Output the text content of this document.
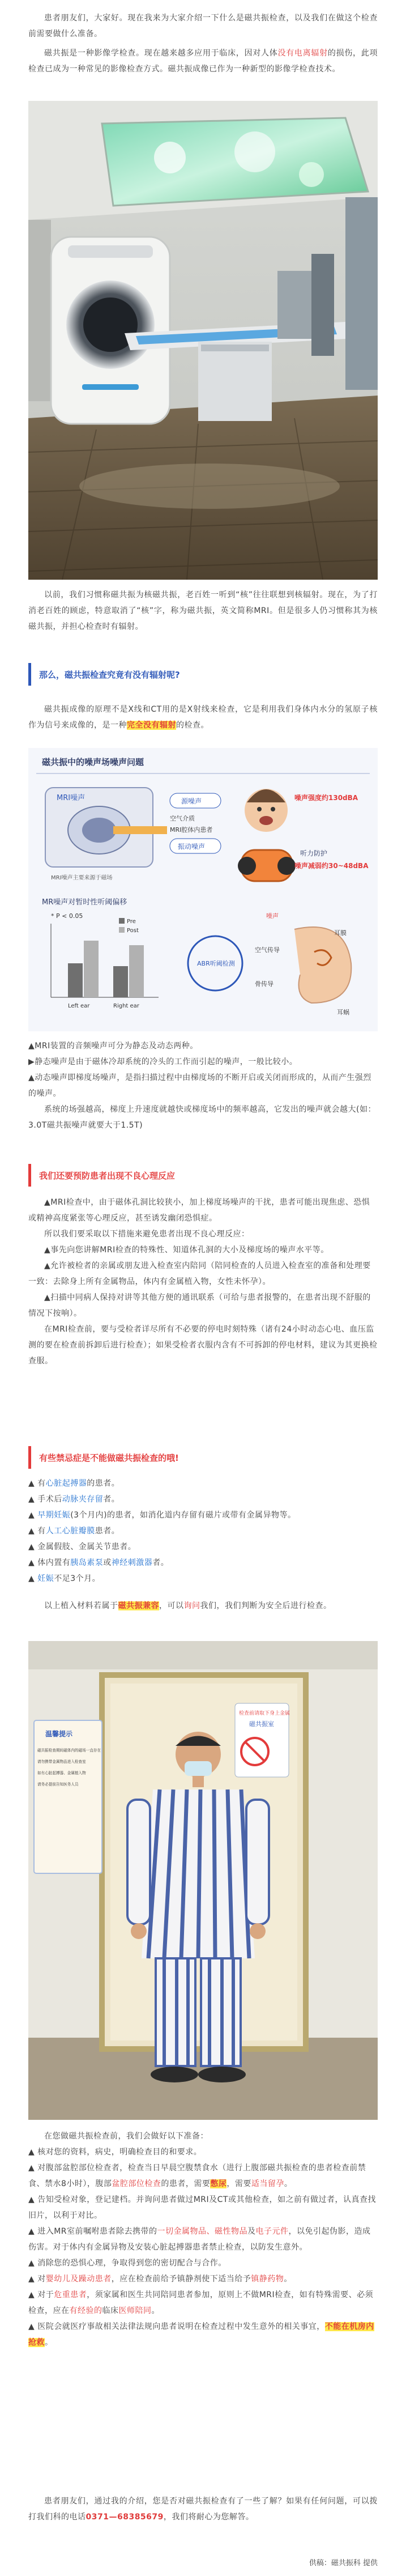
患者朋友们，大家好。现在我来为大家介绍一下什么是磁共振检查，以及我们在做这个检查前需要做什么准备。

磁共振是一种影像学检查。现在越来越多应用于临床，因对人体没有电离辐射的损伤，此项检查已成为一种常见的影像检查方式。磁共振成像已作为一种新型的影像学检查技术。

以前，我们习惯称磁共振为核磁共振，老百姓一听到“核”往往联想到核辐射。现在，为了打消老百姓的顾虑，特意取消了“核”字，称为磁共振，英文简称MRI。但是很多人仍习惯称其为核磁共振，并担心检查时有辐射。

那么，磁共振检查究竟有没有辐射呢?

磁共振成像的原理不是X线和CT用的是X射线来检查，它是利用我们身体内水分的氢原子核作为信号来成像的，是一种完全没有辐射的检查。

磁共振中的噪声场噪声问题
MRI噪声
MRI噪声主要来源于磁场
源噪声
空气介质
MRI腔体内患者
振动噪声
噪声强度约130dBA
听力防护
噪声减弱约30~48dBA
MR噪声对暂时性听阈偏移
* P < 0.05
Left ear	Right ear
Pre
Post
ABR听阈检测
空气传导
骨传导
耳膜
耳蜗
噪声

▲MRI装置的音频噪声可分为静态及动态两种。

▶静态噪声是由于磁体冷却系统的冷头的工作而引起的噪声，一般比较小。

▲动态噪声即梯度场噪声，是指扫描过程中由梯度场的不断开启或关闭而形成的，从而产生强烈的噪声。

系统的场强越高，梯度上升速度就越快或梯度场中的频率越高，它发出的噪声就会越大(如：3.0T磁共振噪声就要大于1.5T)

我们还要预防患者出现不良心理反应

▲MRI检查中，由于磁体孔洞比较狭小，加上梯度场噪声的干扰，患者可能出现焦虑、恐惧或精神高度紧张等心理反应，甚至诱发幽闭恐惧症。

所以我们要采取以下措施来避免患者出现不良心理反应：

▲事先向您讲解MRI检查的特殊性、知道体孔洞的大小及梯度场的噪声水平等。

▲允许被检者的亲属或朋友进入检查室内陪同（陪同检查的人员进入检查室的准备和处理要一致：去除身上所有金属物品，体内有金属植入物，女性未怀孕）。

▲扫描中同病人保持对讲等其他方便的通讯联系（可给与患者报警的，在患者出现不舒服的情况下按响）。

在MRI检查前，要与受检者详尽所有不必要的停电时刻特殊（诸有24小时动态心电、血压监测的要在检查前拆卸后进行检查）；如果受检者衣服内含有不可拆卸的停电材料，建议为其更换检查服。

有些禁忌症是不能做磁共振检查的哦!

▲ 有心脏起搏器的患者。

▲ 手术后动脉夹存留者。

▲ 早期妊娠(3个月内)的患者，如消化道内存留有磁片或带有金属异物等。

▲ 有人工心脏瓣膜患者。

▲ 金属假肢、金属关节患者。

▲ 体内置有胰岛素泵或神经刺激器者。

▲ 妊娠不足3个月。

以上植入材料若属于磁共振兼容，可以询问我们，我们判断为安全后进行检查。

检查前请取下身上金属
磁共振室
温馨提示
磁共振检查期间磁体内的磁场一直存在
请勿携带金属物品进入检查室
如有心脏起搏器、金属植入物
请务必提前告知医务人员

在您做磁共振检查前，我们会做好以下准备：

▲ 核对您的资料，病史，明确检查目的和要求。

▲ 对腹部盆腔部位检查者，检查当日早晨空腹禁食水（进行上腹部磁共振检查的患者检查前禁食、禁水8小时），腹部盆腔部位检查的患者，需要憋尿，需要适当留孕。

▲ 告知受检对象，登记建档。并询问患者做过MRI及CT或其他检查，如之前有做过者，认真查找旧片，以利于对比。

▲ 进入MR室前嘱咐患者除去携带的一切金属物品、磁性物品及电子元件，以免引起伪影，造成伤害。对于体内有金属异物及安装心脏起搏器患者禁止检查，以防发生意外。

▲ 消除您的恐惧心理，争取得到您的密切配合与合作。

▲ 对婴幼儿及躁动患者，应在检查前给予镇静剂使下适当给予镇静药物。

▲ 对于危重患者，须家属和医生共同陪同患者参加，原则上不做MRI检查，如有特殊需要、必须检查，应在有经验的临床医师陪同。

▲ 医院会就医疗事故相关法律法规向患者说明在检查过程中发生意外的相关事宜，不能在机房内抢救。

患者朋友们，通过我的介绍，您是否对磁共振检查有了一些了解？如果有任何问题，可以拨打我们科的电话0371—68385679，我们将耐心为您解答。

供稿：磁共振科 提供
